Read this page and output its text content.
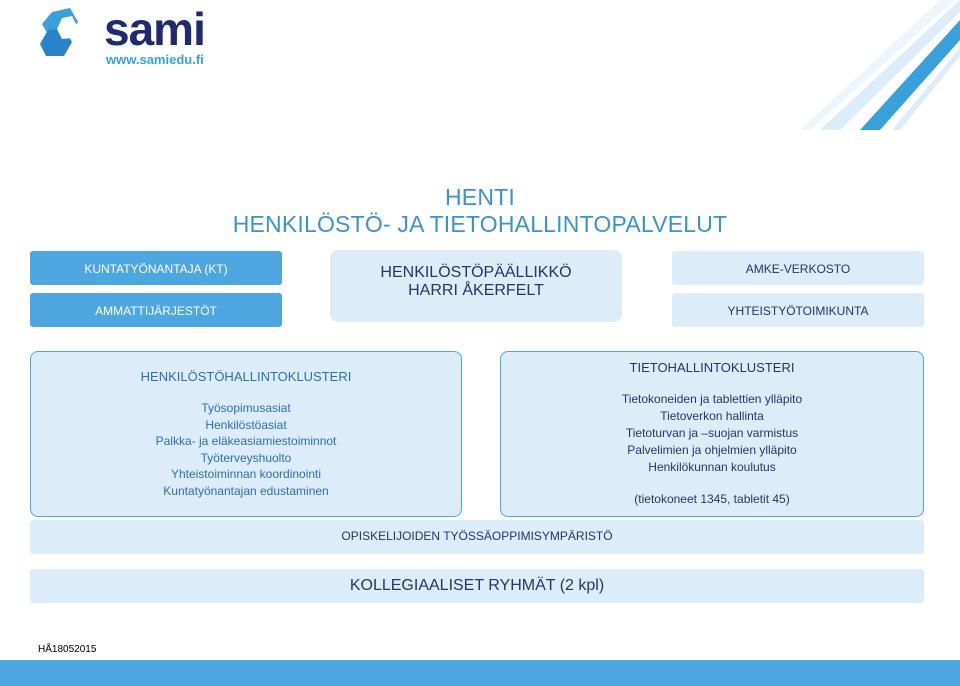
sami
www.samiedu.fi
HENTI
HENKILÖSTÖ- JA TIETOHALLINTOPALVELUT
KUNTATYÖNANTAJA (KT)
AMMATTIJÄRJESTÖT
HENKILÖSTÖPÄÄLLIKKÖ
HARRI ÅKERFELT
AMKE-VERKOSTO
YHTEISTYÖTOIMIKUNTA
HENKILÖSTÖHALLINTOKLUSTERI
Työsopimusasiat
Henkilöstöasiat
Palkka- ja eläkeasiamiestoiminnot
Työterveyshuolto
Yhteistoiminnan koordinointi
Kuntatyönantajan edustaminen
TIETOHALLINTOKLUSTERI
Tietokoneiden ja tablettien ylläpito
Tietoverkon hallinta
Tietoturvan ja –suojan varmistus
Palvelimien ja ohjelmien ylläpito
Henkilökunnan koulutus
(tietokoneet 1345, tabletit 45)
OPISKELIJOIDEN TYÖSSÄOPPIMISYMPÄRISTÖ
KOLLEGIAALISET RYHMÄT (2 kpl)
HÅ18052015
